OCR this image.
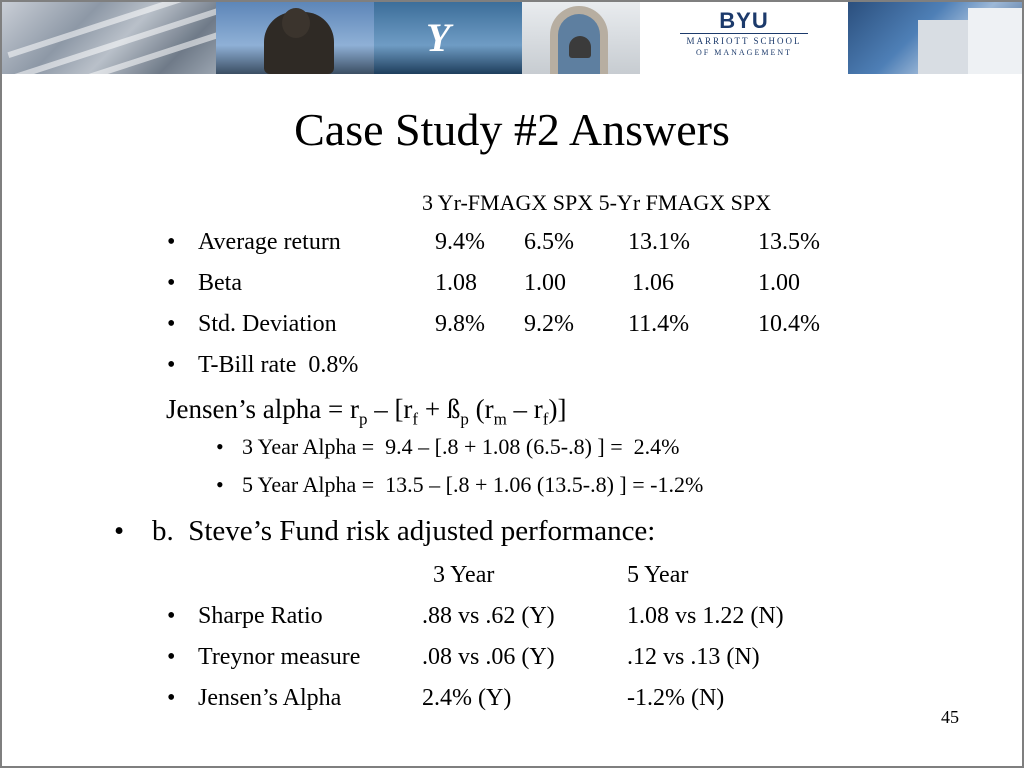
Y	BYU
MARRIOTT SCHOOL
OF MANAGEMENT
Case Study #2 Answers
3 Yr-FMAGX SPX 5-Yr FMAGX SPX
• Average return	9.4% 6.5% 13.1%	13.5%
• Beta	1.08 1.00	1.06	1.00
• Std. Deviation	9.8% 9.2% 11.4%	10.4%
• T-Bill rate  0.8%
Jensen’s alpha = $r_p - [r_f$ + $ß_p$ $(r_m - r_f)$]
• 3 Year Alpha =  9.4 – [.8 + 1.08 (6.5-.8) ] =  2.4%
• 5 Year Alpha =  13.5 – [.8 + 1.06 (13.5-.8) ] = -1.2%
• b.  Steve’s Fund risk adjusted performance:
3 Year	5 Year
• Sharpe Ratio	.88 vs .62 (Y)	1.08 vs 1.22 (N)
• Treynor measure	.08 vs .06 (Y)	.12 vs .13 (N)
• Jensen’s Alpha	2.4% (Y)	-1.2% (N)
45
